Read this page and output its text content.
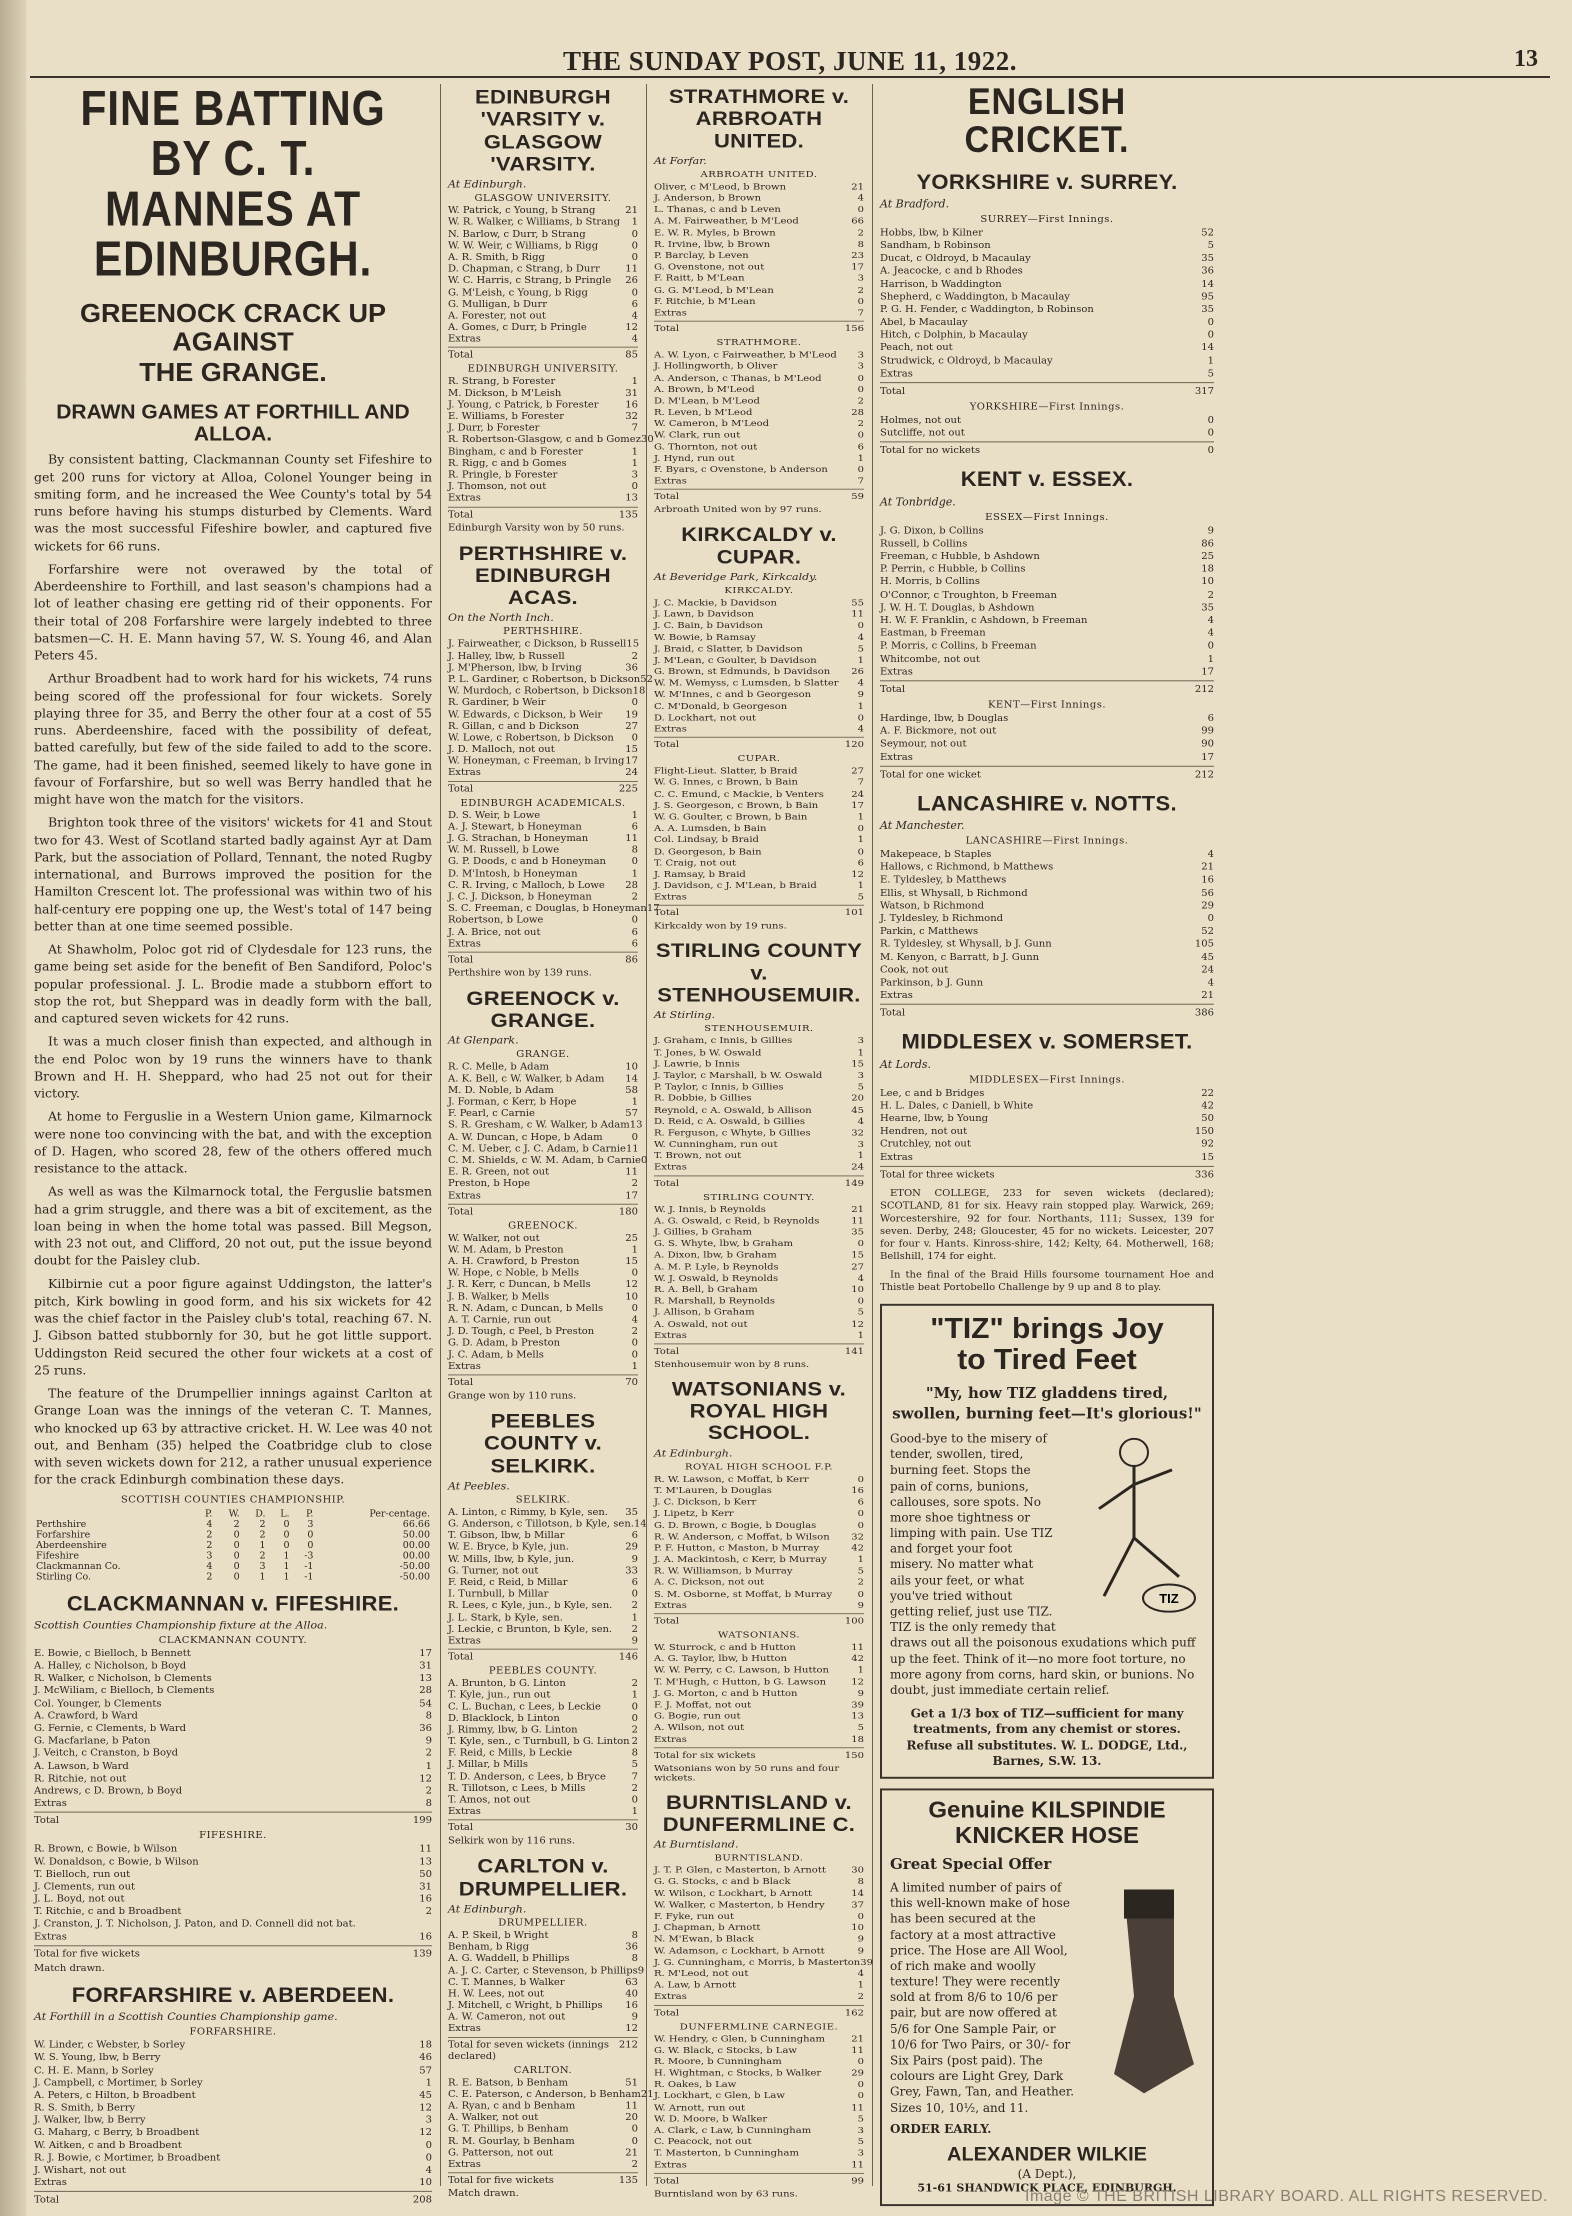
THE SUNDAY POST, JUNE 11, 1922.	13
FINE BATTING BY C. T.
MANNES AT EDINBURGH.
GREENOCK CRACK UP AGAINST
THE GRANGE.
DRAWN GAMES AT FORTHILL AND ALLOA.

By consistent batting, Clackmannan County set Fifeshire to get 200 runs for victory at Alloa, Colonel Younger being in smiting form, and he increased the Wee County's total by 54 runs before having his stumps disturbed by Clements. Ward was the most successful Fifeshire bowler, and captured five wickets for 66 runs.

Forfarshire were not overawed by the total of Aberdeenshire to Forthill, and last season's champions had a lot of leather chasing ere getting rid of their opponents. For their total of 208 Forfarshire were largely indebted to three batsmen—C. H. E. Mann having 57, W. S. Young 46, and Alan Peters 45.

Arthur Broadbent had to work hard for his wickets, 74 runs being scored off the professional for four wickets. Sorely playing three for 35, and Berry the other four at a cost of 55 runs. Aberdeenshire, faced with the possibility of defeat, batted carefully, but few of the side failed to add to the score. The game, had it been finished, seemed likely to have gone in favour of Forfarshire, but so well was Berry handled that he might have won the match for the visitors.

Brighton took three of the visitors' wickets for 41 and Stout two for 43. West of Scotland started badly against Ayr at Dam Park, but the association of Pollard, Tennant, the noted Rugby international, and Burrows improved the position for the Hamilton Crescent lot. The professional was within two of his half-century ere popping one up, the West's total of 147 being better than at one time seemed possible.

At Shawholm, Poloc got rid of Clydesdale for 123 runs, the game being set aside for the benefit of Ben Sandiford, Poloc's popular professional. J. L. Brodie made a stubborn effort to stop the rot, but Sheppard was in deadly form with the ball, and captured seven wickets for 42 runs.

It was a much closer finish than expected, and although in the end Poloc won by 19 runs the winners have to thank Brown and H. H. Sheppard, who had 25 not out for their victory.

At home to Ferguslie in a Western Union game, Kilmarnock were none too convincing with the bat, and with the exception of D. Hagen, who scored 28, few of the others offered much resistance to the attack.

As well as was the Kilmarnock total, the Ferguslie batsmen had a grim struggle, and there was a bit of excitement, as the loan being in when the home total was passed. Bill Megson, with 23 not out, and Clifford, 20 not out, put the issue beyond doubt for the Paisley club.

Kilbirnie cut a poor figure against Uddingston, the latter's pitch, Kirk bowling in good form, and his six wickets for 42 was the chief factor in the Paisley club's total, reaching 67. N. J. Gibson batted stubbornly for 30, but he got little support. Uddingston Reid secured the other four wickets at a cost of 25 runs.

The feature of the Drumpellier innings against Carlton at Grange Loan was the innings of the veteran C. T. Mannes, who knocked up 63 by attractive cricket. H. W. Lee was 40 not out, and Benham (35) helped the Coatbridge club to close with seven wickets down for 212, a rather unusual experience for the crack Edinburgh combination these days.

SCOTTISH COUNTIES CHAMPIONSHIP.
	P.	W.	D.	L.	P.	Per-centage.
Perthshire	4	2	2	0	3	66.66
Forfarshire	2	0	2	0	0	50.00
Aberdeenshire	2	0	1	0	0	00.00
Fifeshire	3	0	2	1	-3	00.00
Clackmannan Co.	4	0	3	1	-1	-50.00
Stirling Co.	2	0	1	1	-1	-50.00
CLACKMANNAN v. FIFESHIRE.
Scottish Counties Championship fixture at the Alloa.
CLACKMANNAN COUNTY.
E. Bowie, c Bielloch, b Bennett	17
A. Halley, c Nicholson, b Boyd	31
R. Walker, c Nicholson, b Clements	13
J. McWiliam, c Bielloch, b Clements	28
Col. Younger, b Clements	54
A. Crawford, b Ward	8
G. Fernie, c Clements, b Ward	36
G. Macfarlane, b Paton	9
J. Veitch, c Cranston, b Boyd	2
A. Lawson, b Ward	1
R. Ritchie, not out	12
Andrews, c D. Brown, b Boyd	2
Extras	8
Total	199
FIFESHIRE.
R. Brown, c Bowie, b Wilson	11
W. Donaldson, c Bowie, b Wilson	13
T. Bielloch, run out	50
J. Clements, run out	31
J. L. Boyd, not out	16
T. Ritchie, c and b Broadbent	2
J. Cranston, J. T. Nicholson, J. Paton, and D. Connell did not bat.
Extras	16
Total for five wickets	139
Match drawn.
FORFARSHIRE v. ABERDEEN.
At Forthill in a Scottish Counties Championship game.
FORFARSHIRE.
W. Linder, c Webster, b Sorley	18
W. S. Young, lbw, b Berry	46
C. H. E. Mann, b Sorley	57
J. Campbell, c Mortimer, b Sorley	1
A. Peters, c Hilton, b Broadbent	45
R. S. Smith, b Berry	12
J. Walker, lbw, b Berry	3
G. Maharg, c Berry, b Broadbent	12
W. Aitken, c and b Broadbent	0
R. J. Bowie, c Mortimer, b Broadbent	0
J. Wishart, not out	4
Extras	10
Total	208
EDINBURGH 'VARSITY v. GLASGOW 'VARSITY.
At Edinburgh.
GLASGOW UNIVERSITY.
W. Patrick, c Young, b Strang	21
W. R. Walker, c Williams, b Strang 1
N. Barlow, c Durr, b Strang	0
W. W. Weir, c Williams, b Rigg	0
A. R. Smith, b Rigg	0
D. Chapman, c Strang, b Durr	11
W. C. Harris, c Strang, b Pringle 26
G. M'Leish, c Young, b Rigg	0
G. Mulligan, b Durr	6
A. Forester, not out	4
A. Gomes, c Durr, b Pringle	12
Extras	4
Total	85
EDINBURGH UNIVERSITY.
R. Strang, b Forester	1
M. Dickson, b M'Leish	31
J. Young, c Patrick, b Forester	16
E. Williams, b Forester	32
J. Durr, b Forester	7
R. Robertson-Glasgow, c and b Gomez 30
Bingham, c and b Forester	1
R. Rigg, c and b Gomes	1
R. Pringle, b Forester	3
J. Thomson, not out	0
Extras	13
Total	135
Edinburgh Varsity won by 50 runs.
PERTHSHIRE v. EDINBURGH ACAS.
On the North Inch.
PERTHSHIRE.
J. Fairweather, c Dickson, b Russell 15
J. Halley, lbw, b Russell	2
J. M'Pherson, lbw, b Irving	36
P. L. Gardiner, c Robertson, b Dickson 52
W. Murdoch, c Robertson, b Dickson 18
R. Gardiner, b Weir	0
W. Edwards, c Dickson, b Weir 19
R. Gillan, c and b Dickson	27
W. Lowe, c Robertson, b Dickson 0
J. D. Malloch, not out	15
W. Honeyman, c Freeman, b Irving 17
Extras	24
Total	225
EDINBURGH ACADEMICALS.
D. S. Weir, b Lowe	1
A. J. Stewart, b Honeyman	6
J. G. Strachan, b Honeyman	11
W. M. Russell, b Lowe	8
G. P. Doods, c and b Honeyman	0
D. M'Intosh, b Honeyman	1
C. R. Irving, c Malloch, b Lowe 28
J. C. J. Dickson, b Honeyman	2
S. C. Freeman, c Douglas, b Honeyman 17
Robertson, b Lowe	0
J. A. Brice, not out	6
Extras	6
Total	86
Perthshire won by 139 runs.
GREENOCK v. GRANGE.
At Glenpark.
GRANGE.
R. C. Melle, b Adam	10
A. K. Bell, c W. Walker, b Adam 14
M. D. Noble, b Adam	58
J. Forman, c Kerr, b Hope	1
F. Pearl, c Carnie	57
S. R. Gresham, c W. Walker, b Adam 13
A. W. Duncan, c Hope, b Adam	0
C. M. Ueber, c J. C. Adam, b Carnie 11
C. M. Shields, c W. M. Adam, b Carnie 0
E. R. Green, not out	11
Preston, b Hope	2
Extras	17
Total	180
GREENOCK.
W. Walker, not out	25
W. M. Adam, b Preston	1
A. H. Crawford, b Preston	15
W. Hope, c Noble, b Mells	0
J. R. Kerr, c Duncan, b Mells	12
J. B. Walker, b Mells	10
R. N. Adam, c Duncan, b Mells	0
A. T. Carnie, run out	4
J. D. Tough, c Peel, b Preston	2
G. D. Adam, b Preston	0
J. C. Adam, b Mells	0
Extras	1
Total	70
Grange won by 110 runs.
PEEBLES COUNTY v. SELKIRK.
At Peebles.
SELKIRK.
A. Linton, c Rimmy, b Kyle, sen. 35
G. Anderson, c Tillotson, b Kyle, sen. 14
T. Gibson, lbw, b Millar	6
W. E. Bryce, b Kyle, jun.	29
W. Mills, lbw, b Kyle, jun.	9
G. Turner, not out	33
F. Reid, c Reid, b Millar	6
I. Turnbull, b Millar	0
R. Lees, c Kyle, jun., b Kyle, sen. 2
J. L. Stark, b Kyle, sen.	1
J. Leckie, c Brunton, b Kyle, sen. 2
Extras	9
Total	146
PEEBLES COUNTY.
A. Brunton, b G. Linton	2
T. Kyle, jun., run out	1
C. L. Buchan, c Lees, b Leckie	0
D. Blacklock, b Linton	0
J. Rimmy, lbw, b G. Linton	2
T. Kyle, sen., c Turnbull, b G. Linton 2
F. Reid, c Mills, b Leckie	8
J. Millar, b Mills	5
T. D. Anderson, c Lees, b Bryce	7
R. Tillotson, c Lees, b Mills	2
T. Amos, not out	0
Extras	1
Total	30
Selkirk won by 116 runs.
CARLTON v. DRUMPELLIER.
At Edinburgh.
DRUMPELLIER.
A. P. Skeil, b Wright	8
Benham, b Rigg	36
A. G. Waddell, b Phillips	8
A. J. C. Carter, c Stevenson, b Phillips 9
C. T. Mannes, b Walker	63
H. W. Lees, not out	40
J. Mitchell, c Wright, b Phillips 16
A. W. Cameron, not out	9
Extras	12
Total for seven wickets (innings declared)
212
CARLTON.
R. E. Batson, b Benham	51
C. E. Paterson, c Anderson, b Benham 21
A. Ryan, c and b Benham	11
A. Walker, not out	20
G. T. Phillips, b Benham	0
R. M. Gourlay, b Benham	0
G. Patterson, not out	21
Extras	2
Total for five wickets	135
Match drawn.
STRATHMORE v. ARBROATH UNITED.
At Forfar.
ARBROATH UNITED.
Oliver, c M'Leod, b Brown	21
J. Anderson, b Brown	4
L. Thanas, c and b Leven	0
A. M. Fairweather, b M'Leod	66
E. W. R. Myles, b Brown	2
R. Irvine, lbw, b Brown	8
P. Barclay, b Leven	23
G. Ovenstone, not out	17
F. Raitt, b M'Lean	3
G. G. M'Leod, b M'Lean	2
F. Ritchie, b M'Lean	0
Extras	7
Total	156
STRATHMORE.
A. W. Lyon, c Fairweather, b M'Leod 3
J. Hollingworth, b Oliver	3
A. Anderson, c Thanas, b M'Leod	0
A. Brown, b M'Leod	0
D. M'Lean, b M'Leod	2
R. Leven, b M'Leod	28
W. Cameron, b M'Leod	2
W. Clark, run out	0
G. Thornton, not out	6
J. Hynd, run out	1
F. Byars, c Ovenstone, b Anderson	0
Extras	7
Total	59
Arbroath United won by 97 runs.
KIRKCALDY v. CUPAR.
At Beveridge Park, Kirkcaldy.
KIRKCALDY.
J. C. Mackie, b Davidson	55
J. Lawn, b Davidson	11
J. C. Bain, b Davidson	0
W. Bowie, b Ramsay	4
J. Braid, c Slatter, b Davidson	5
J. M'Lean, c Goulter, b Davidson	1
G. Brown, st Edmunds, b Davidson 26
W. M. Wemyss, c Lumsden, b Slatter 4
W. M'Innes, c and b Georgeson	9
C. M'Donald, b Georgeson	1
D. Lockhart, not out	0
Extras	4
Total	120
CUPAR.
Flight-Lieut. Slatter, b Braid	27
W. G. Innes, c Brown, b Bain	7
C. C. Emund, c Mackie, b Venters	24
J. S. Georgeson, c Brown, b Bain	17
W. G. Goulter, c Brown, b Bain	1
A. A. Lumsden, b Bain	0
Col. Lindsay, b Braid	1
D. Georgeson, b Bain	0
T. Craig, not out	6
J. Ramsay, b Braid	12
J. Davidson, c J. M'Lean, b Braid	1
Extras	5
Total	101
Kirkcaldy won by 19 runs.
STIRLING COUNTY v. STENHOUSEMUIR.
At Stirling.
STENHOUSEMUIR.
J. Graham, c Innis, b Gillies	3
T. Jones, b W. Oswald	1
J. Lawrie, b Innis	15
J. Taylor, c Marshall, b W. Oswald	3
P. Taylor, c Innis, b Gillies	5
R. Dobbie, b Gillies	20
Reynold, c A. Oswald, b Allison	45
D. Reid, c A. Oswald, b Gillies	4
R. Ferguson, c Whyte, b Gillies	32
W. Cunningham, run out	3
T. Brown, not out	1
Extras	24
Total	149
STIRLING COUNTY.
W. J. Innis, b Reynolds	21
A. G. Oswald, c Reid, b Reynolds	11
J. Gillies, b Graham	35
G. S. Whyte, lbw, b Graham	0
A. Dixon, lbw, b Graham	15
A. M. P. Lyle, b Reynolds	27
W. J. Oswald, b Reynolds	4
R. A. Bell, b Graham	10
R. Marshall, b Reynolds	0
J. Allison, b Graham	5
A. Oswald, not out	12
Extras	1
Total	141
Stenhousemuir won by 8 runs.
WATSONIANS v. ROYAL HIGH SCHOOL.
At Edinburgh.
ROYAL HIGH SCHOOL F.P.
R. W. Lawson, c Moffat, b Kerr	0
T. M'Lauren, b Douglas	16
J. C. Dickson, b Kerr	6
J. Lipetz, b Kerr	0
G. D. Brown, c Bogie, b Douglas	0
R. W. Anderson, c Moffat, b Wilson 32
P. F. Hutton, c Maston, b Murray	42
J. A. Mackintosh, c Kerr, b Murray	1
R. W. Williamson, b Murray	5
A. C. Dickson, not out	2
S. M. Osborne, st Moffat, b Murray	0
Extras	9
Total	100
WATSONIANS.
W. Sturrock, c and b Hutton	11
A. G. Taylor, lbw, b Hutton	42
W. W. Perry, c C. Lawson, b Hutton	1
T. M'Hugh, c Hutton, b G. Lawson	12
J. G. Morton, c and b Hutton	9
F. J. Moffat, not out	39
G. Bogie, run out	13
A. Wilson, not out	5
Extras	18
Total for six wickets	150
Watsonians won by 50 runs and four wickets.
BURNTISLAND v. DUNFERMLINE C.
At Burntisland.
BURNTISLAND.
J. T. P. Glen, c Masterton, b Arnott	30
G. G. Stocks, c and b Black	8
W. Wilson, c Lockhart, b Arnott	14
W. Walker, c Masterton, b Hendry	37
F. Fyke, run out	0
J. Chapman, b Arnott	10
N. M'Ewan, b Black	9
W. Adamson, c Lockhart, b Arnott	9
J. G. Cunningham, c Morris, b Masterton 39
R. M'Leod, not out	4
A. Law, b Arnott	1
Extras	2
Total	162
DUNFERMLINE CARNEGIE.
W. Hendry, c Glen, b Cunningham	21
G. W. Black, c Stocks, b Law	11
R. Moore, b Cunningham	0
H. Wightman, c Stocks, b Walker	29
R. Oakes, b Law	0
J. Lockhart, c Glen, b Law	0
W. Arnott, run out	11
W. D. Moore, b Walker	5
A. Clark, c Law, b Cunningham	3
C. Peacock, not out	5
T. Masterton, b Cunningham	3
Extras	11
Total	99
Burntisland won by 63 runs.
ENGLISH CRICKET.
YORKSHIRE v. SURREY.
At Bradford.
SURREY—First Innings.
Hobbs, lbw, b Kilner	52
Sandham, b Robinson	5
Ducat, c Oldroyd, b Macaulay	35
A. Jeacocke, c and b Rhodes	36
Harrison, b Waddington	14
Shepherd, c Waddington, b Macaulay	95
P. G. H. Fender, c Waddington, b Robinson	35
Abel, b Macaulay	0
Hitch, c Dolphin, b Macaulay	0
Peach, not out	14
Strudwick, c Oldroyd, b Macaulay	1
Extras	5
Total	317
YORKSHIRE—First Innings.
Holmes, not out	0
Sutcliffe, not out	0
Total for no wickets	0
KENT v. ESSEX.
At Tonbridge.
ESSEX—First Innings.
J. G. Dixon, b Collins	9
Russell, b Collins	86
Freeman, c Hubble, b Ashdown	25
P. Perrin, c Hubble, b Collins	18
H. Morris, b Collins	10
O'Connor, c Troughton, b Freeman	2
J. W. H. T. Douglas, b Ashdown	35
H. W. F. Franklin, c Ashdown, b Freeman	4
Eastman, b Freeman	4
P. Morris, c Collins, b Freeman	0
Whitcombe, not out	1
Extras	17
Total	212
KENT—First Innings.
Hardinge, lbw, b Douglas	6
A. F. Bickmore, not out	99
Seymour, not out	90
Extras	17
Total for one wicket	212
LANCASHIRE v. NOTTS.
At Manchester.
LANCASHIRE—First Innings.
Makepeace, b Staples	4
Hallows, c Richmond, b Matthews	21
E. Tyldesley, b Matthews	16
Ellis, st Whysall, b Richmond	56
Watson, b Richmond	29
J. Tyldesley, b Richmond	0
Parkin, c Matthews	52
R. Tyldesley, st Whysall, b J. Gunn	105
M. Kenyon, c Barratt, b J. Gunn	45
Cook, not out	24
Parkinson, b J. Gunn	4
Extras	21
Total	386
MIDDLESEX v. SOMERSET.
At Lords.
MIDDLESEX—First Innings.
Lee, c and b Bridges	22
H. L. Dales, c Daniell, b White	42
Hearne, lbw, b Young	50
Hendren, not out	150
Crutchley, not out	92
Extras	15
Total for three wickets	336

ETON COLLEGE, 233 for seven wickets (declared); SCOTLAND, 81 for six. Heavy rain stopped play. Warwick, 269; Worcestershire, 92 for four. Northants, 111; Sussex, 139 for seven. Derby, 248; Gloucester, 45 for no wickets. Leicester, 207 for four v. Hants. Kinross-shire, 142; Kelty, 64. Motherwell, 168; Bellshill, 174 for eight.

In the final of the Braid Hills foursome tournament Hoe and Thistle beat Portobello Challenge by 9 up and 8 to play.

"TIZ" brings Joy
to Tired Feet
"My, how TIZ gladdens tired, swollen, burning feet—It's glorious!"
TIZ
Good-bye to the misery of tender, swollen, tired, burning feet. Stops the pain of corns, bunions, callouses, sore spots. No more shoe tightness or limping with pain. Use TIZ and forget your foot misery. No matter what ails your feet, or what you've tried without getting relief, just use TIZ. TIZ is the only remedy that draws out all the poisonous exudations which puff up the feet. Think of it—no more foot torture, no more agony from corns, hard skin, or bunions. No doubt, just immediate certain relief.
Get a 1/3 box of TIZ—sufficient for many treatments, from any chemist or stores. Refuse all substitutes. W. L. DODGE, Ltd., Barnes, S.W. 13.
Genuine KILSPINDIE
KNICKER HOSE
Great Special Offer
A limited number of pairs of this well-known make of hose has been secured at the factory at a most attractive price. The Hose are All Wool, of rich make and woolly texture! They were recently sold at from 8/6 to 10/6 per pair, but are now offered at 5/6 for One Sample Pair, or 10/6 for Two Pairs, or 30/- for Six Pairs (post paid). The colours are Light Grey, Dark Grey, Fawn, Tan, and Heather. Sizes 10, 10½, and 11.
ORDER EARLY.
ALEXANDER WILKIE
(A Dept.),
51-61 SHANDWICK PLACE, EDINBURGH.
Image © THE BRITISH LIBRARY BOARD. ALL RIGHTS RESERVED.
